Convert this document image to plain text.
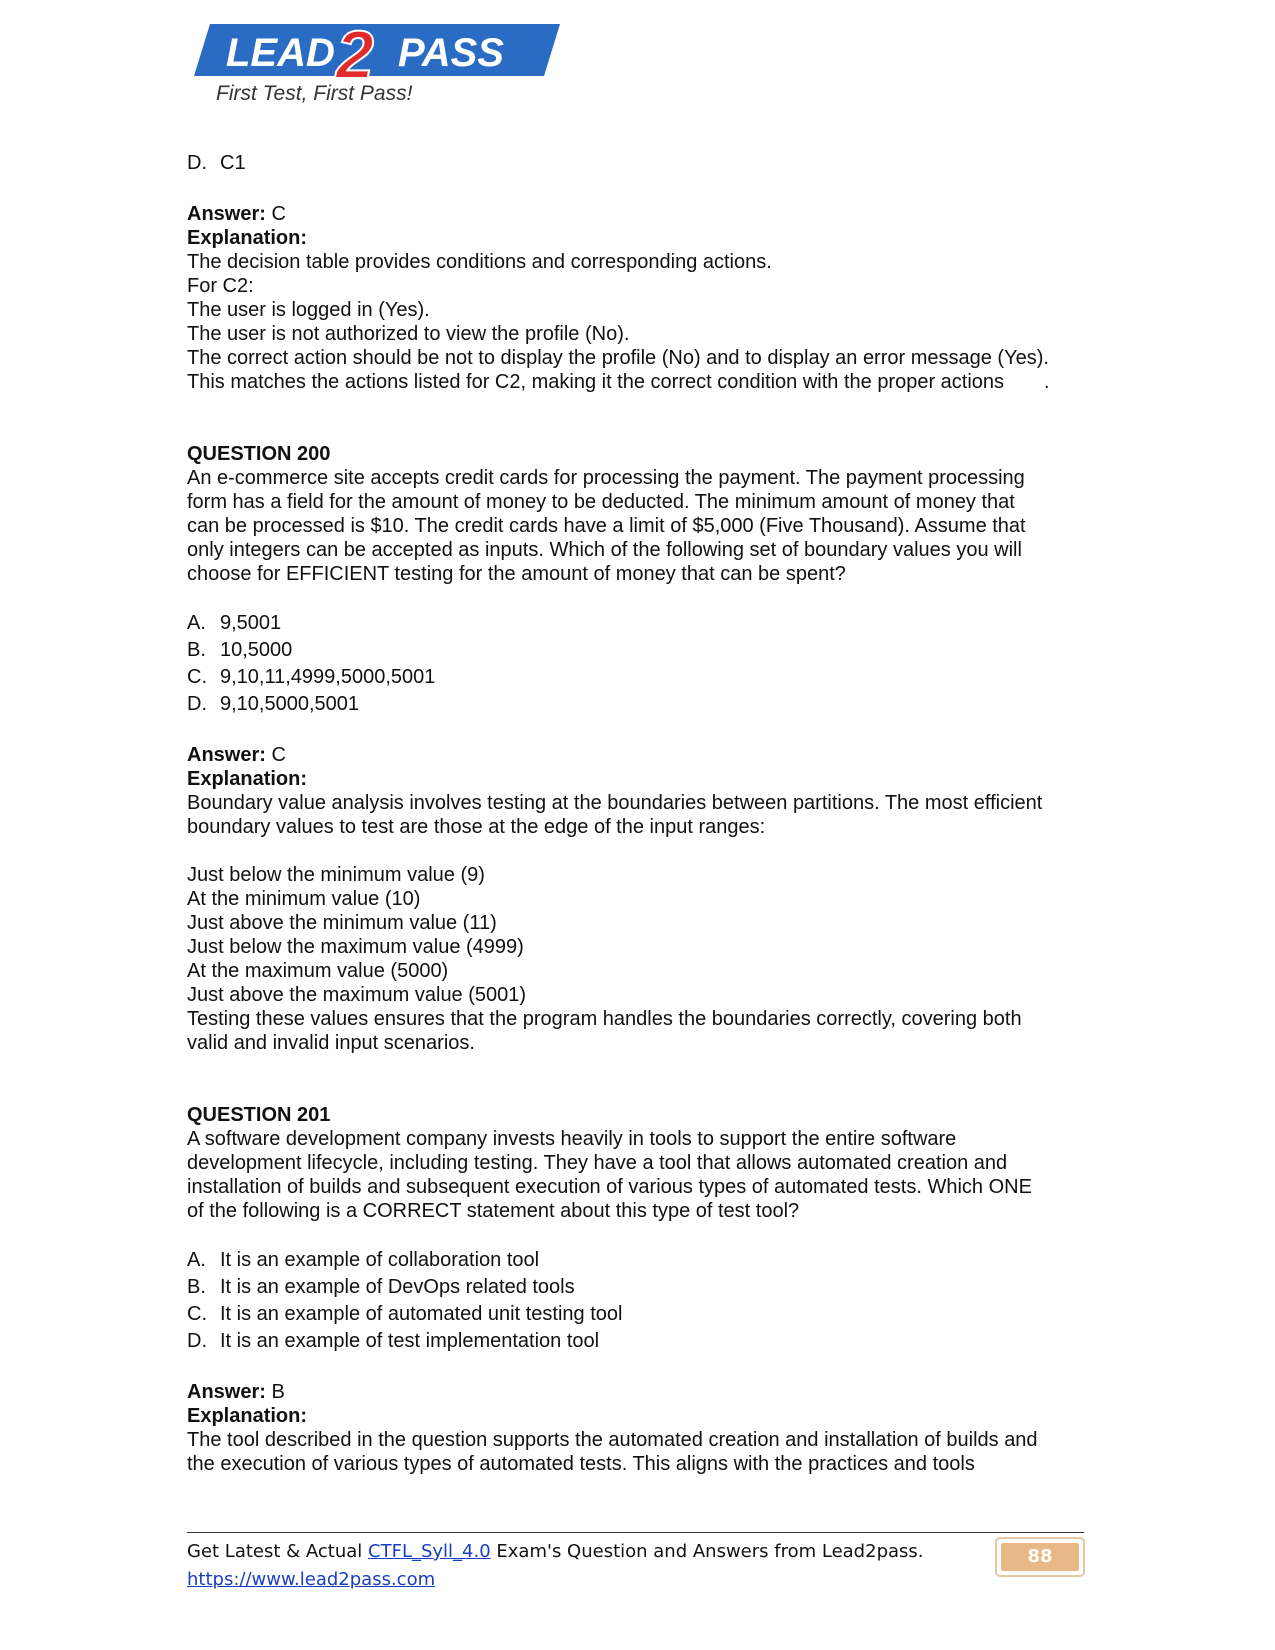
LEAD 2 PASS
First Test, First Pass!
D. C1

Answer: C

Explanation:

The decision table provides conditions and corresponding actions.

For C2:

The user is logged in (Yes).

The user is not authorized to view the profile (No).

The correct action should be not to display the profile (No) and to display an error message (Yes).

This matches the actions listed for C2, making it the correct condition with the proper actions  .

QUESTION 200

An e-commerce site accepts credit cards for processing the payment. The payment processing

form has a field for the amount of money to be deducted. The minimum amount of money that

can be processed is $10. The credit cards have a limit of $5,000 (Five Thousand). Assume that

only integers can be accepted as inputs. Which of the following set of boundary values you will

choose for EFFICIENT testing for the amount of money that can be spent?

A. 9,5001
B. 10,5000
C. 9,10,11,4999,5000,5001
D. 9,10,5000,5001

Answer: C

Explanation:

Boundary value analysis involves testing at the boundaries between partitions. The most efficient

boundary values to test are those at the edge of the input ranges:

Just below the minimum value (9)

At the minimum value (10)

Just above the minimum value (11)

Just below the maximum value (4999)

At the maximum value (5000)

Just above the maximum value (5001)

Testing these values ensures that the program handles the boundaries correctly, covering both

valid and invalid input scenarios.

QUESTION 201

A software development company invests heavily in tools to support the entire software

development lifecycle, including testing. They have a tool that allows automated creation and

installation of builds and subsequent execution of various types of automated tests. Which ONE

of the following is a CORRECT statement about this type of test tool?

A. It is an example of collaboration tool
B. It is an example of DevOps related tools
C. It is an example of automated unit testing tool
D. It is an example of test implementation tool

Answer: B

Explanation:

The tool described in the question supports the automated creation and installation of builds and

the execution of various types of automated tests. This aligns with the practices and tools

Get Latest & Actual CTFL_Syll_4.0 Exam's Question and Answers from Lead2pass.
https://www.lead2pass.com
88
